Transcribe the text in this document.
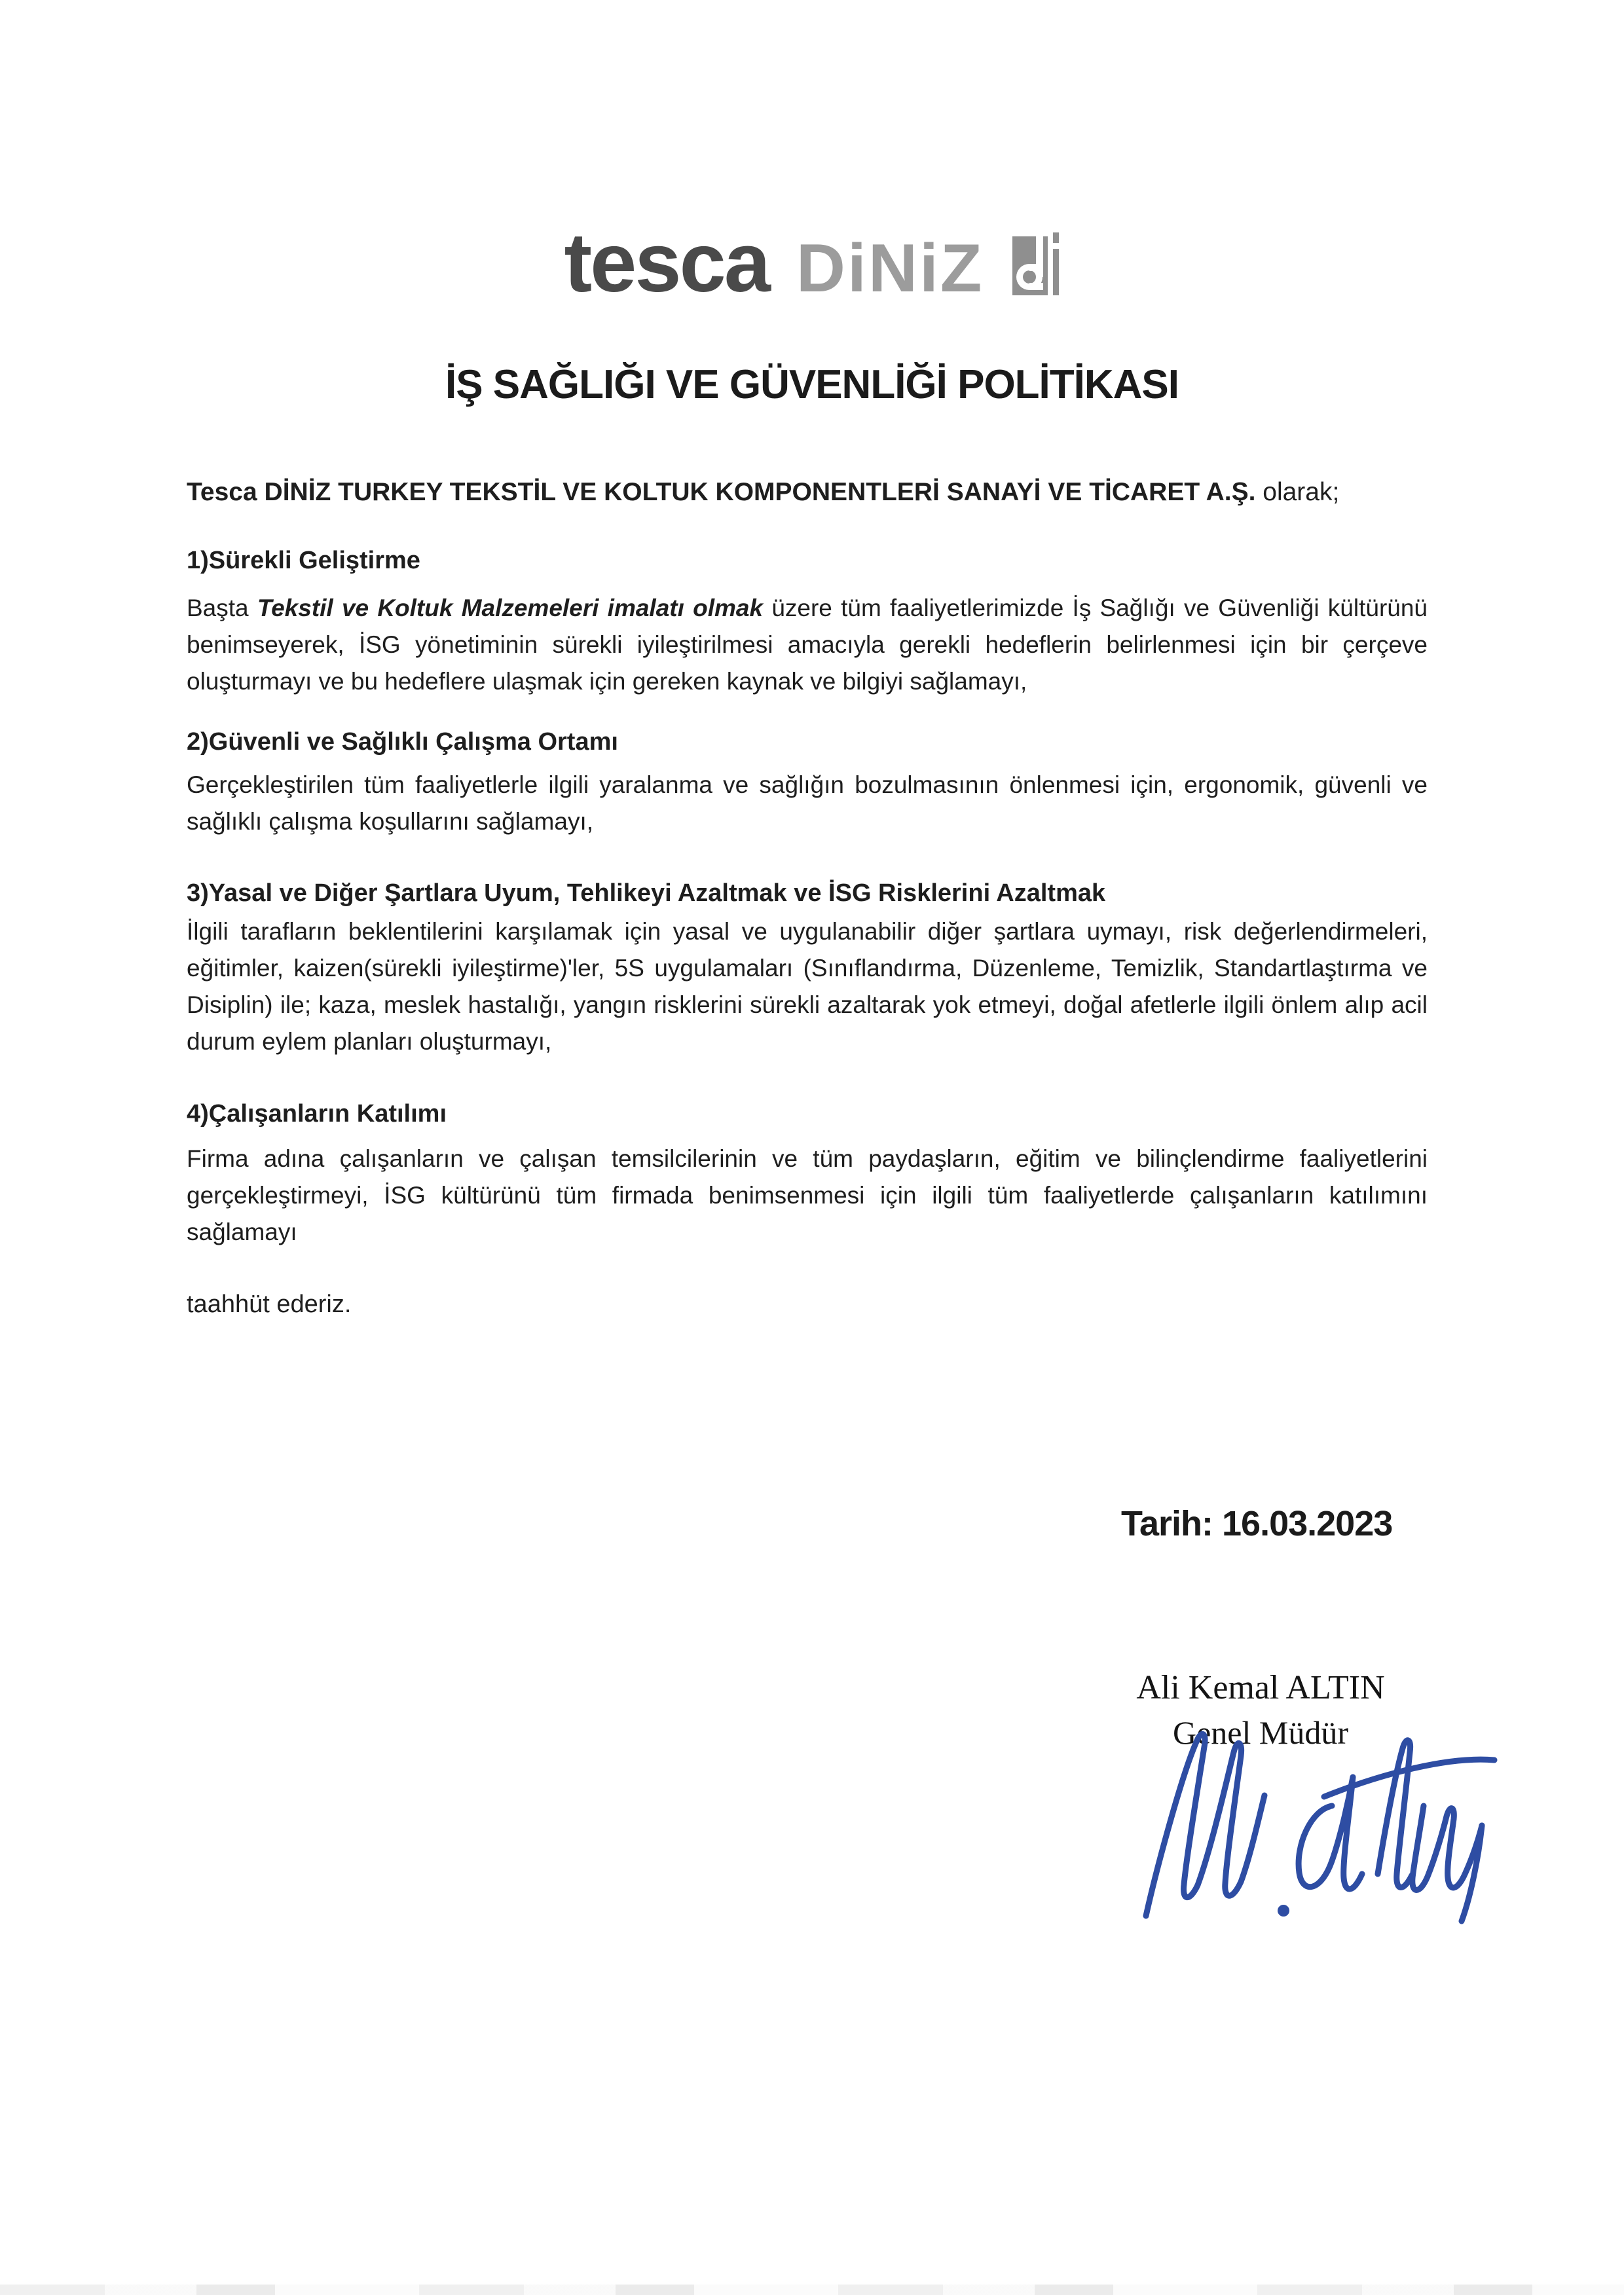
tesca DiNiZ
İŞ SAĞLIĞI VE GÜVENLİĞİ POLİTİKASI
Tesca DİNİZ TURKEY TEKSTİL VE KOLTUK KOMPONENTLERİ SANAYİ VE TİCARET A.Ş. olarak;
1)Sürekli Geliştirme
Başta Tekstil ve Koltuk Malzemeleri imalatı olmak üzere tüm faaliyetlerimizde İş Sağlığı ve Güvenliği kültürünü benimseyerek, İSG yönetiminin sürekli iyileştirilmesi amacıyla gerekli hedeflerin belirlenmesi için bir çerçeve oluşturmayı ve bu hedeflere ulaşmak için gereken kaynak ve bilgiyi sağlamayı,
2)Güvenli ve Sağlıklı Çalışma Ortamı
Gerçekleştirilen tüm faaliyetlerle ilgili yaralanma ve sağlığın bozulmasının önlenmesi için, ergonomik, güvenli ve sağlıklı çalışma koşullarını sağlamayı,
3)Yasal ve Diğer Şartlara Uyum, Tehlikeyi Azaltmak ve İSG Risklerini Azaltmak
İlgili tarafların beklentilerini karşılamak için yasal ve uygulanabilir diğer şartlara uymayı, risk değerlendirmeleri, eğitimler, kaizen(sürekli iyileştirme)'ler, 5S uygulamaları (Sınıflandırma, Düzenleme, Temizlik, Standartlaştırma ve Disiplin) ile; kaza, meslek hastalığı, yangın risklerini sürekli azaltarak yok etmeyi, doğal afetlerle ilgili önlem alıp acil durum eylem planları oluşturmayı,
4)Çalışanların Katılımı
Firma adına çalışanların ve çalışan temsilcilerinin ve tüm paydaşların, eğitim ve bilinçlendirme faaliyetlerini gerçekleştirmeyi, İSG kültürünü tüm firmada benimsenmesi için ilgili tüm faaliyetlerde çalışanların katılımını sağlamayı
taahhüt ederiz.
Tarih: 16.03.2023
Ali Kemal ALTIN
Genel Müdür
